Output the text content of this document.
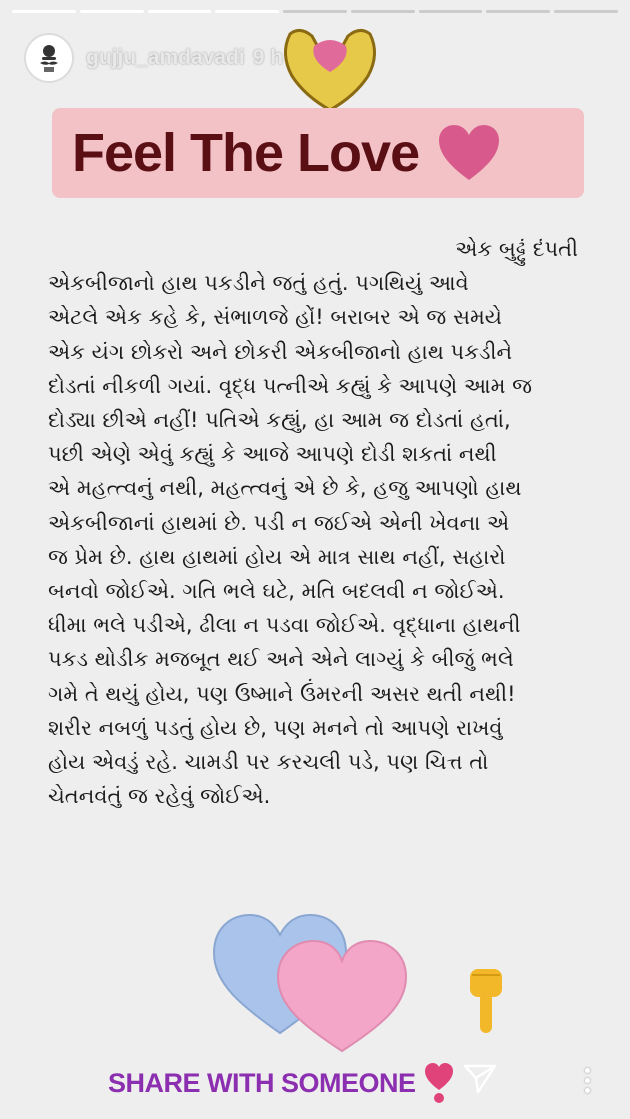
gujju_amdavadi 9 h
Feel The Love
એક બુઢ્ઢું દંપતી
એકબીજાનો હાથ પકડીને જતું હતું. પગથિયું આવે
એટલે એક કહે કે, સંભાળજે હોં! બરાબર એ જ સમયે
એક યંગ છોકરો અને છોકરી એકબીજાનો હાથ પકડીને
દોડતાં નીકળી ગયાં. વૃદ્ધ પત્નીએ કહ્યું કે આપણે આમ જ
દોડ્યા છીએ નહીં! પતિએ કહ્યું, હા આમ જ દોડતાં હતાં,
પછી એણે એવું કહ્યું કે આજે આપણે દોડી શકતાં નથી
એ મહત્ત્વનું નથી, મહત્ત્વનું એ છે કે, હજુ આપણો હાથ
એકબીજાનાં હાથમાં છે. પડી ન જઈએ એની ખેવના એ
જ પ્રેમ છે. હાથ હાથમાં હોય એ માત્ર સાથ નહીં, સહારો
બનવો જોઈએ. ગતિ ભલે ઘટે, મતિ બદલવી ન જોઈએ.
ધીમા ભલે પડીએ, ઢીલા ન પડવા જોઈએ. વૃદ્ધાના હાથની
પકડ થોડીક મજબૂત થઈ અને એને લાગ્યું કે બીજું ભલે
ગમે તે થયું હોય, પણ ઉષ્માને ઉંમરની અસર થતી નથી!
શરીર નબળું પડતું હોય છે, પણ મનને તો આપણે રાખવું
હોય એવડું રહે. ચામડી પર કરચલી પડે, પણ ચિત્ત તો
ચેતનવંતું જ રહેવું જોઈએ.
SHARE WITH SOMEONE
